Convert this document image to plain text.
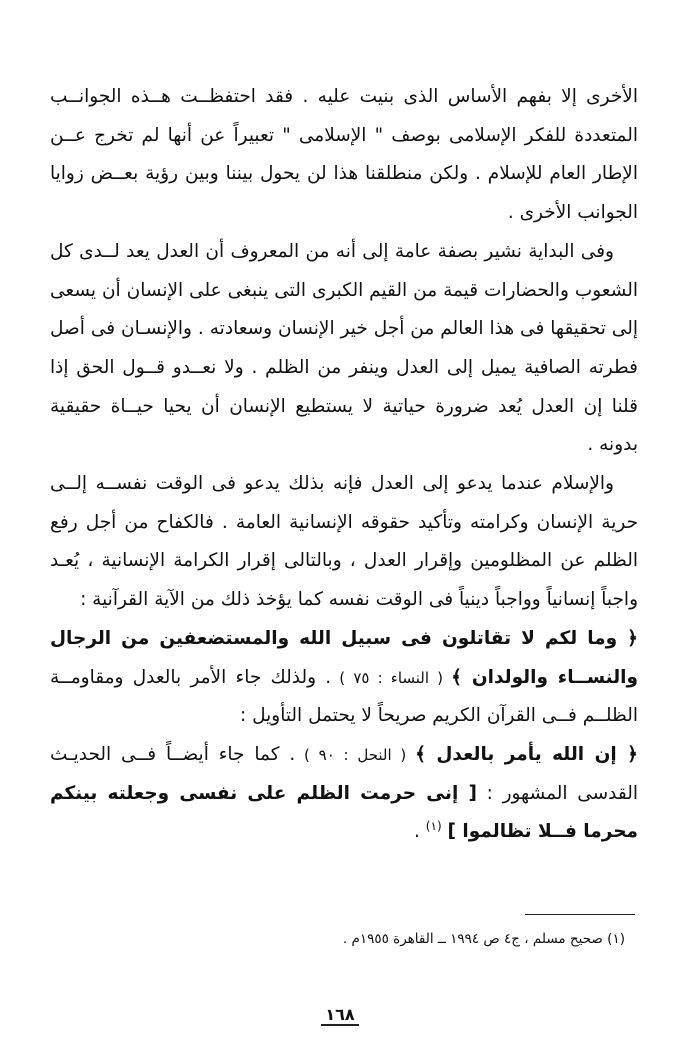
الأخرى إلا بفهم الأساس الذى بنيت عليه . فقد احتفظــت هــذه الجوانــب المتعددة للفكر الإسلامى بوصف " الإسلامى " تعبيراً عن أنها لم تخرج عــن الإطار العام للإسلام . ولكن منطلقنا هذا لن يحول بيننا وبين رؤية بعــض زوايا الجوانب الأخرى .

وفى البداية نشير بصفة عامة إلى أنه من المعروف أن العدل يعد لــدى كل الشعوب والحضارات قيمة من القيم الكبرى التى ينبغى على الإنسان أن يسعى إلى تحقيقها فى هذا العالم من أجل خير الإنسان وسعادته . والإنسـان فى أصل فطرته الصافية يميل إلى العدل وينفر من الظلم . ولا نعــدو قــول الحق إذا قلنا إن العدل يُعد ضرورة حياتية لا يستطيع الإنسان أن يحيا حيــاة حقيقية بدونه .

والإسلام عندما يدعو إلى العدل فإنه بذلك يدعو فى الوقت نفســه إلــى حرية الإنسان وكرامته وتأكيد حقوقه الإنسانية العامة . فالكفاح من أجل رفع الظلم عن المظلومين وإقرار العدل ، وبالتالى إقرار الكرامة الإنسانية ، يُعـد واجباً إنسانياً وواجباً دينياً فى الوقت نفسه كما يؤخذ ذلك من الآية القرآنية :

﴿ وما لكم لا تقاتلون فى سبيل الله والمستضعفين من الرجال والنســاء والولدان ﴾ ( النساء : ٧٥ ) . ولذلك جاء الأمر بالعدل ومقاومــة الظلــم فــى القرآن الكريم صريحاً لا يحتمل التأويل :

﴿ إن الله يأمر بالعدل ﴾ ( النحل : ٩٠ ) . كما جاء أيضــاً فــى الحديـث القدسى المشهور : [ إنى حرمت الظلم على نفسى وجعلته بينكم محرما فــلا تظالموا ] $^{(١)}$ .

(١) صحيح مسلم ، ج٤ ص ١٩٩٤ ــ القاهرة ١٩٥٥م .
١٦٨
